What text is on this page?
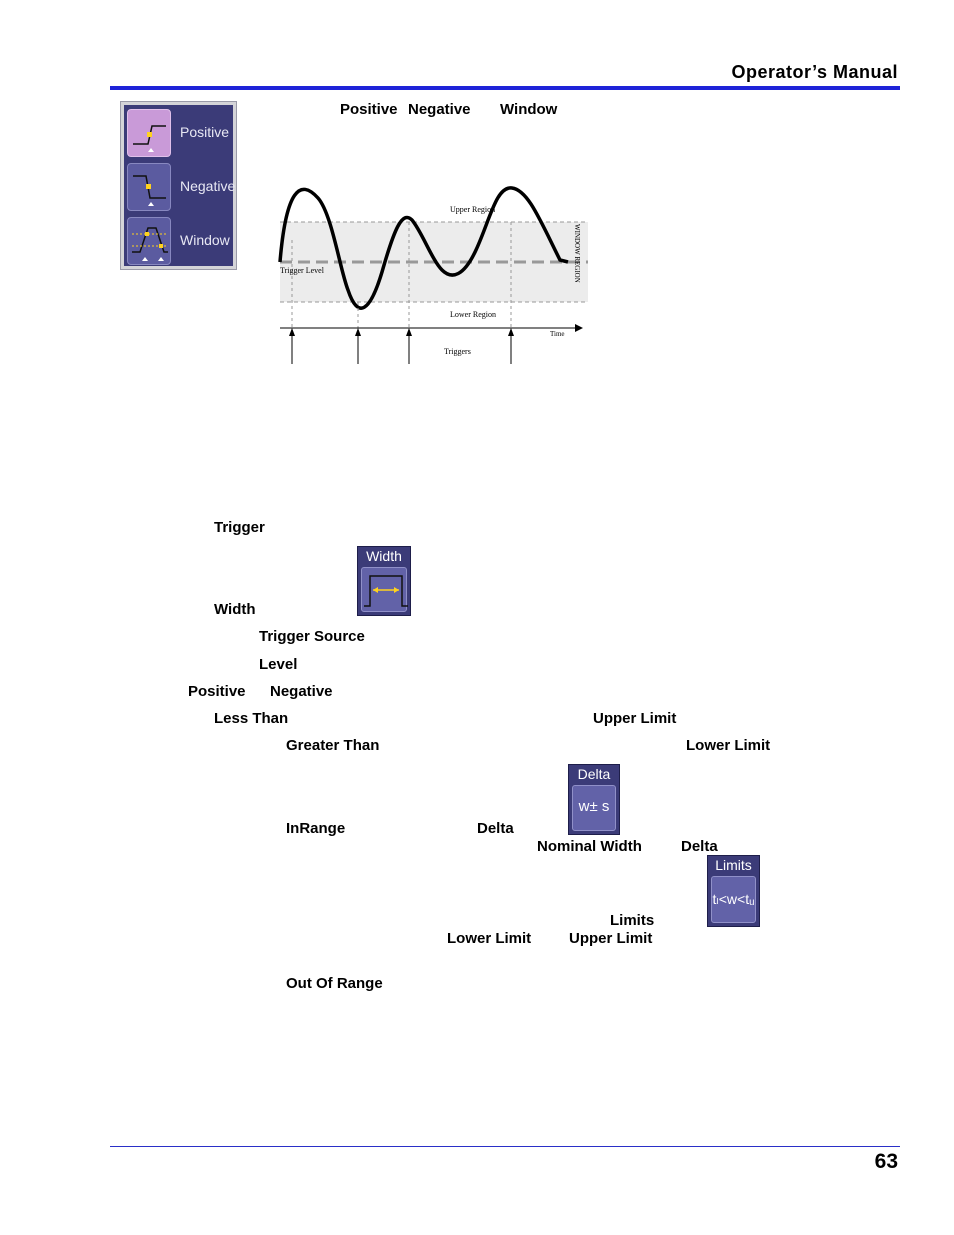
Operator’s Manual
Positive
Negative
Window
Positive Negative Window
Upper Region
Lower Region
Trigger Level
Triggers
Time
WINDOW REGION
Trigger
Width
Width
Trigger Source
Level
Positive Negative
Less Than	Upper Limit
Greater Than	Lower Limit
Delta
w± s
InRange	Delta
Nominal Width	Delta
Limits
tₗ<w<tᵤ
Limits
Lower Limit	Upper Limit
Out Of Range
63
